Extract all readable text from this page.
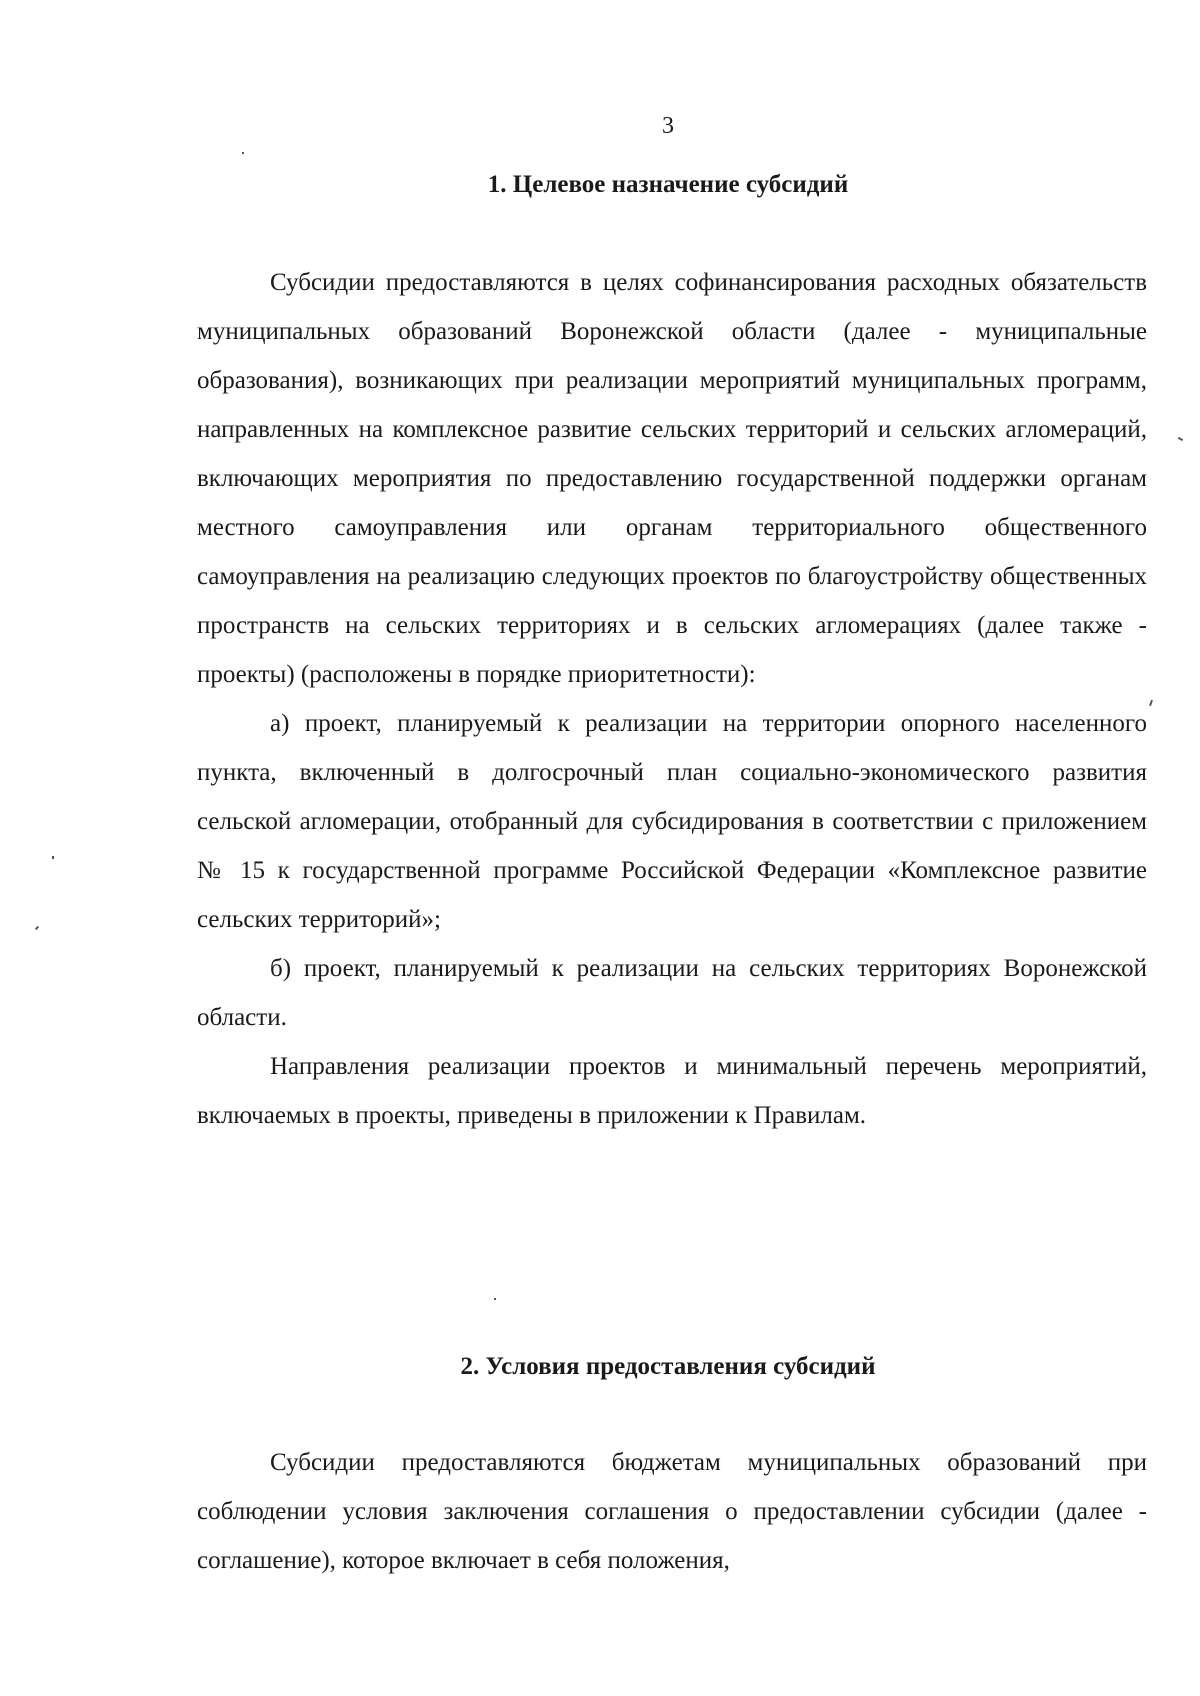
3
1. Целевое назначение субсидий

Субсидии предоставляются в целях софинансирования расходных обязательств муниципальных образований Воронежской области (далее - муниципальные образования), возникающих при реализации мероприятий муниципальных программ, направленных на комплексное развитие сельских территорий и сельских агломераций, включающих мероприятия по предоставлению государственной поддержки органам местного самоуправления или органам территориального общественного самоуправления на реализацию следующих проектов по благоустройству общественных пространств на сельских территориях и в сельских агломерациях (далее также - проекты) (расположены в порядке приоритетности):

а) проект, планируемый к реализации на территории опорного населенного пункта, включенный в долгосрочный план социально-экономического развития сельской агломерации, отобранный для субсидирования в соответствии с приложением № 15 к государственной программе Российской Федерации «Комплексное развитие сельских территорий»;

б) проект, планируемый к реализации на сельских территориях Воронежской области.

Направления реализации проектов и минимальный перечень мероприятий, включаемых в проекты, приведены в приложении к Правилам.

2. Условия предоставления субсидий

Субсидии предоставляются бюджетам муниципальных образований при соблюдении условия заключения соглашения о предоставлении субсидии (далее - соглашение), которое включает в себя положения,
